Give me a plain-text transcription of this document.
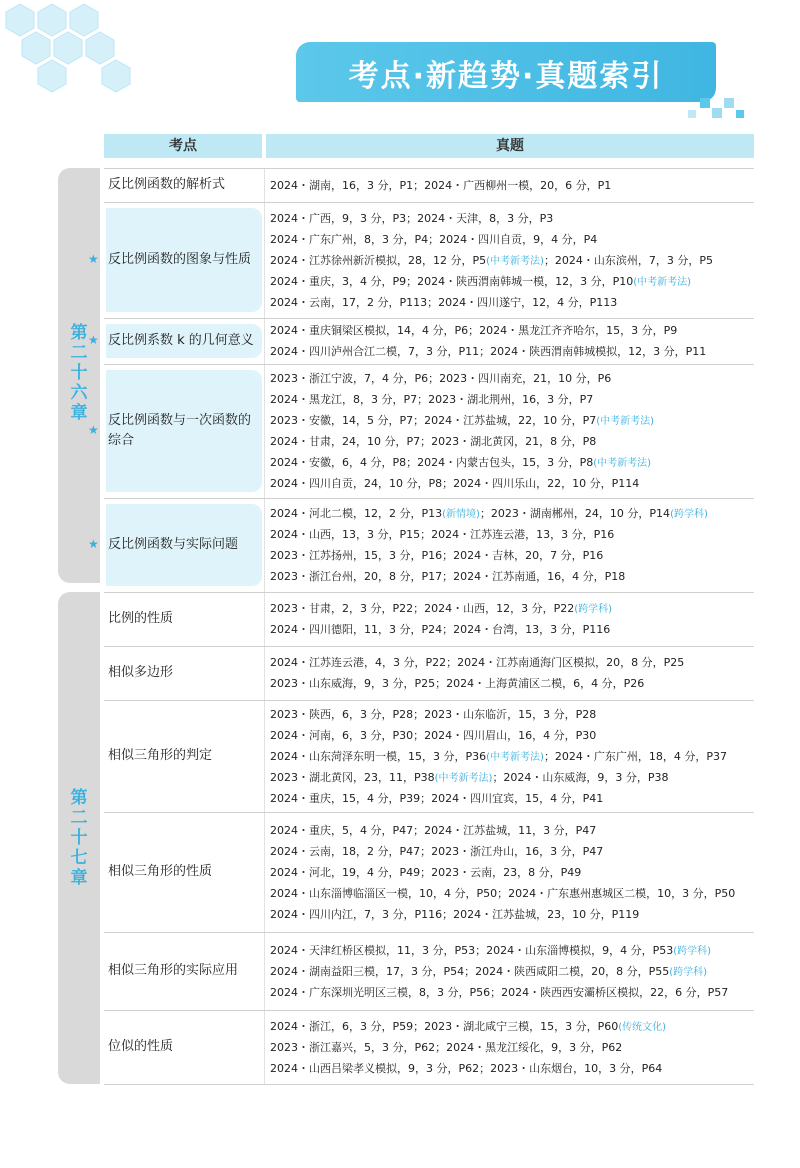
考点·新趋势·真题索引
考点	真题
第
二
十
六
章
第
二
十
七
章
反比例函数的解析式	2024・湖南，16，3 分，P1；2024・广西柳州一模，20，6 分，P1
反比例函数的图象与性质
★
2024・广西，9，3 分，P3；2024・天津，8，3 分，P3
2024・广东广州，8，3 分，P4；2024・四川自贡，9，4 分，P4
2024・江苏徐州新沂模拟，28，12 分，P5(中考新考法)；2024・山东滨州，7，3 分，P5
2024・重庆，3，4 分，P9；2024・陕西渭南韩城一模，12，3 分，P10(中考新考法)
2024・云南，17，2 分，P113；2024・四川遂宁，12，4 分，P113
反比例系数 k 的几何意义
★
2024・重庆铜梁区模拟，14，4 分，P6；2024・黑龙江齐齐哈尔，15，3 分，P9
2024・四川泸州合江二模，7，3 分，P11；2024・陕西渭南韩城模拟，12，3 分，P11
反比例函数与一次函数的综合
★
2023・浙江宁波，7，4 分，P6；2023・四川南充，21，10 分，P6
2024・黑龙江，8，3 分，P7；2023・湖北荆州，16，3 分，P7
2023・安徽，14，5 分，P7；2024・江苏盐城，22，10 分，P7(中考新考法)
2024・甘肃，24，10 分，P7；2023・湖北黄冈，21，8 分，P8
2024・安徽，6，4 分，P8；2024・内蒙古包头，15，3 分，P8(中考新考法)
2024・四川自贡，24，10 分，P8；2024・四川乐山，22，10 分，P114
反比例函数与实际问题
★
2024・河北二模，12，2 分，P13(新情境)；2023・湖南郴州，24，10 分，P14(跨学科)
2024・山西，13，3 分，P15；2024・江苏连云港，13，3 分，P16
2023・江苏扬州，15，3 分，P16；2024・吉林，20，7 分，P16
2023・浙江台州，20，8 分，P17；2024・江苏南通，16，4 分，P18
比例的性质
2023・甘肃，2，3 分，P22；2024・山西，12，3 分，P22(跨学科)
2024・四川德阳，11，3 分，P24；2024・台湾，13，3 分，P116
相似多边形
2024・江苏连云港，4，3 分，P22；2024・江苏南通海门区模拟，20，8 分，P25
2023・山东威海，9，3 分，P25；2024・上海黄浦区二模，6，4 分，P26
相似三角形的判定
2023・陕西，6，3 分，P28；2023・山东临沂，15，3 分，P28
2024・河南，6，3 分，P30；2024・四川眉山，16，4 分，P30
2024・山东菏泽东明一模，15，3 分，P36(中考新考法)；2024・广东广州，18，4 分，P37
2023・湖北黄冈，23，11，P38(中考新考法)；2024・山东威海，9，3 分，P38
2024・重庆，15，4 分，P39；2024・四川宜宾，15，4 分，P41
相似三角形的性质
2024・重庆，5，4 分，P47；2024・江苏盐城，11，3 分，P47
2024・云南，18，2 分，P47；2023・浙江舟山，16，3 分，P47
2024・河北，19，4 分，P49；2023・云南，23，8 分，P49
2024・山东淄博临淄区一模，10，4 分，P50；2024・广东惠州惠城区二模，10，3 分，P50
2024・四川内江，7，3 分，P116；2024・江苏盐城，23，10 分，P119
相似三角形的实际应用
2024・天津红桥区模拟，11，3 分，P53；2024・山东淄博模拟，9，4 分，P53(跨学科)
2024・湖南益阳三模，17，3 分，P54；2024・陕西咸阳二模，20，8 分，P55(跨学科)
2024・广东深圳光明区三模，8，3 分，P56；2024・陕西西安灞桥区模拟，22，6 分，P57
位似的性质
2024・浙江，6，3 分，P59；2023・湖北咸宁三模，15，3 分，P60(传统文化)
2023・浙江嘉兴，5，3 分，P62；2024・黑龙江绥化，9，3 分，P62
2024・山西吕梁孝义模拟，9，3 分，P62；2023・山东烟台，10，3 分，P64
